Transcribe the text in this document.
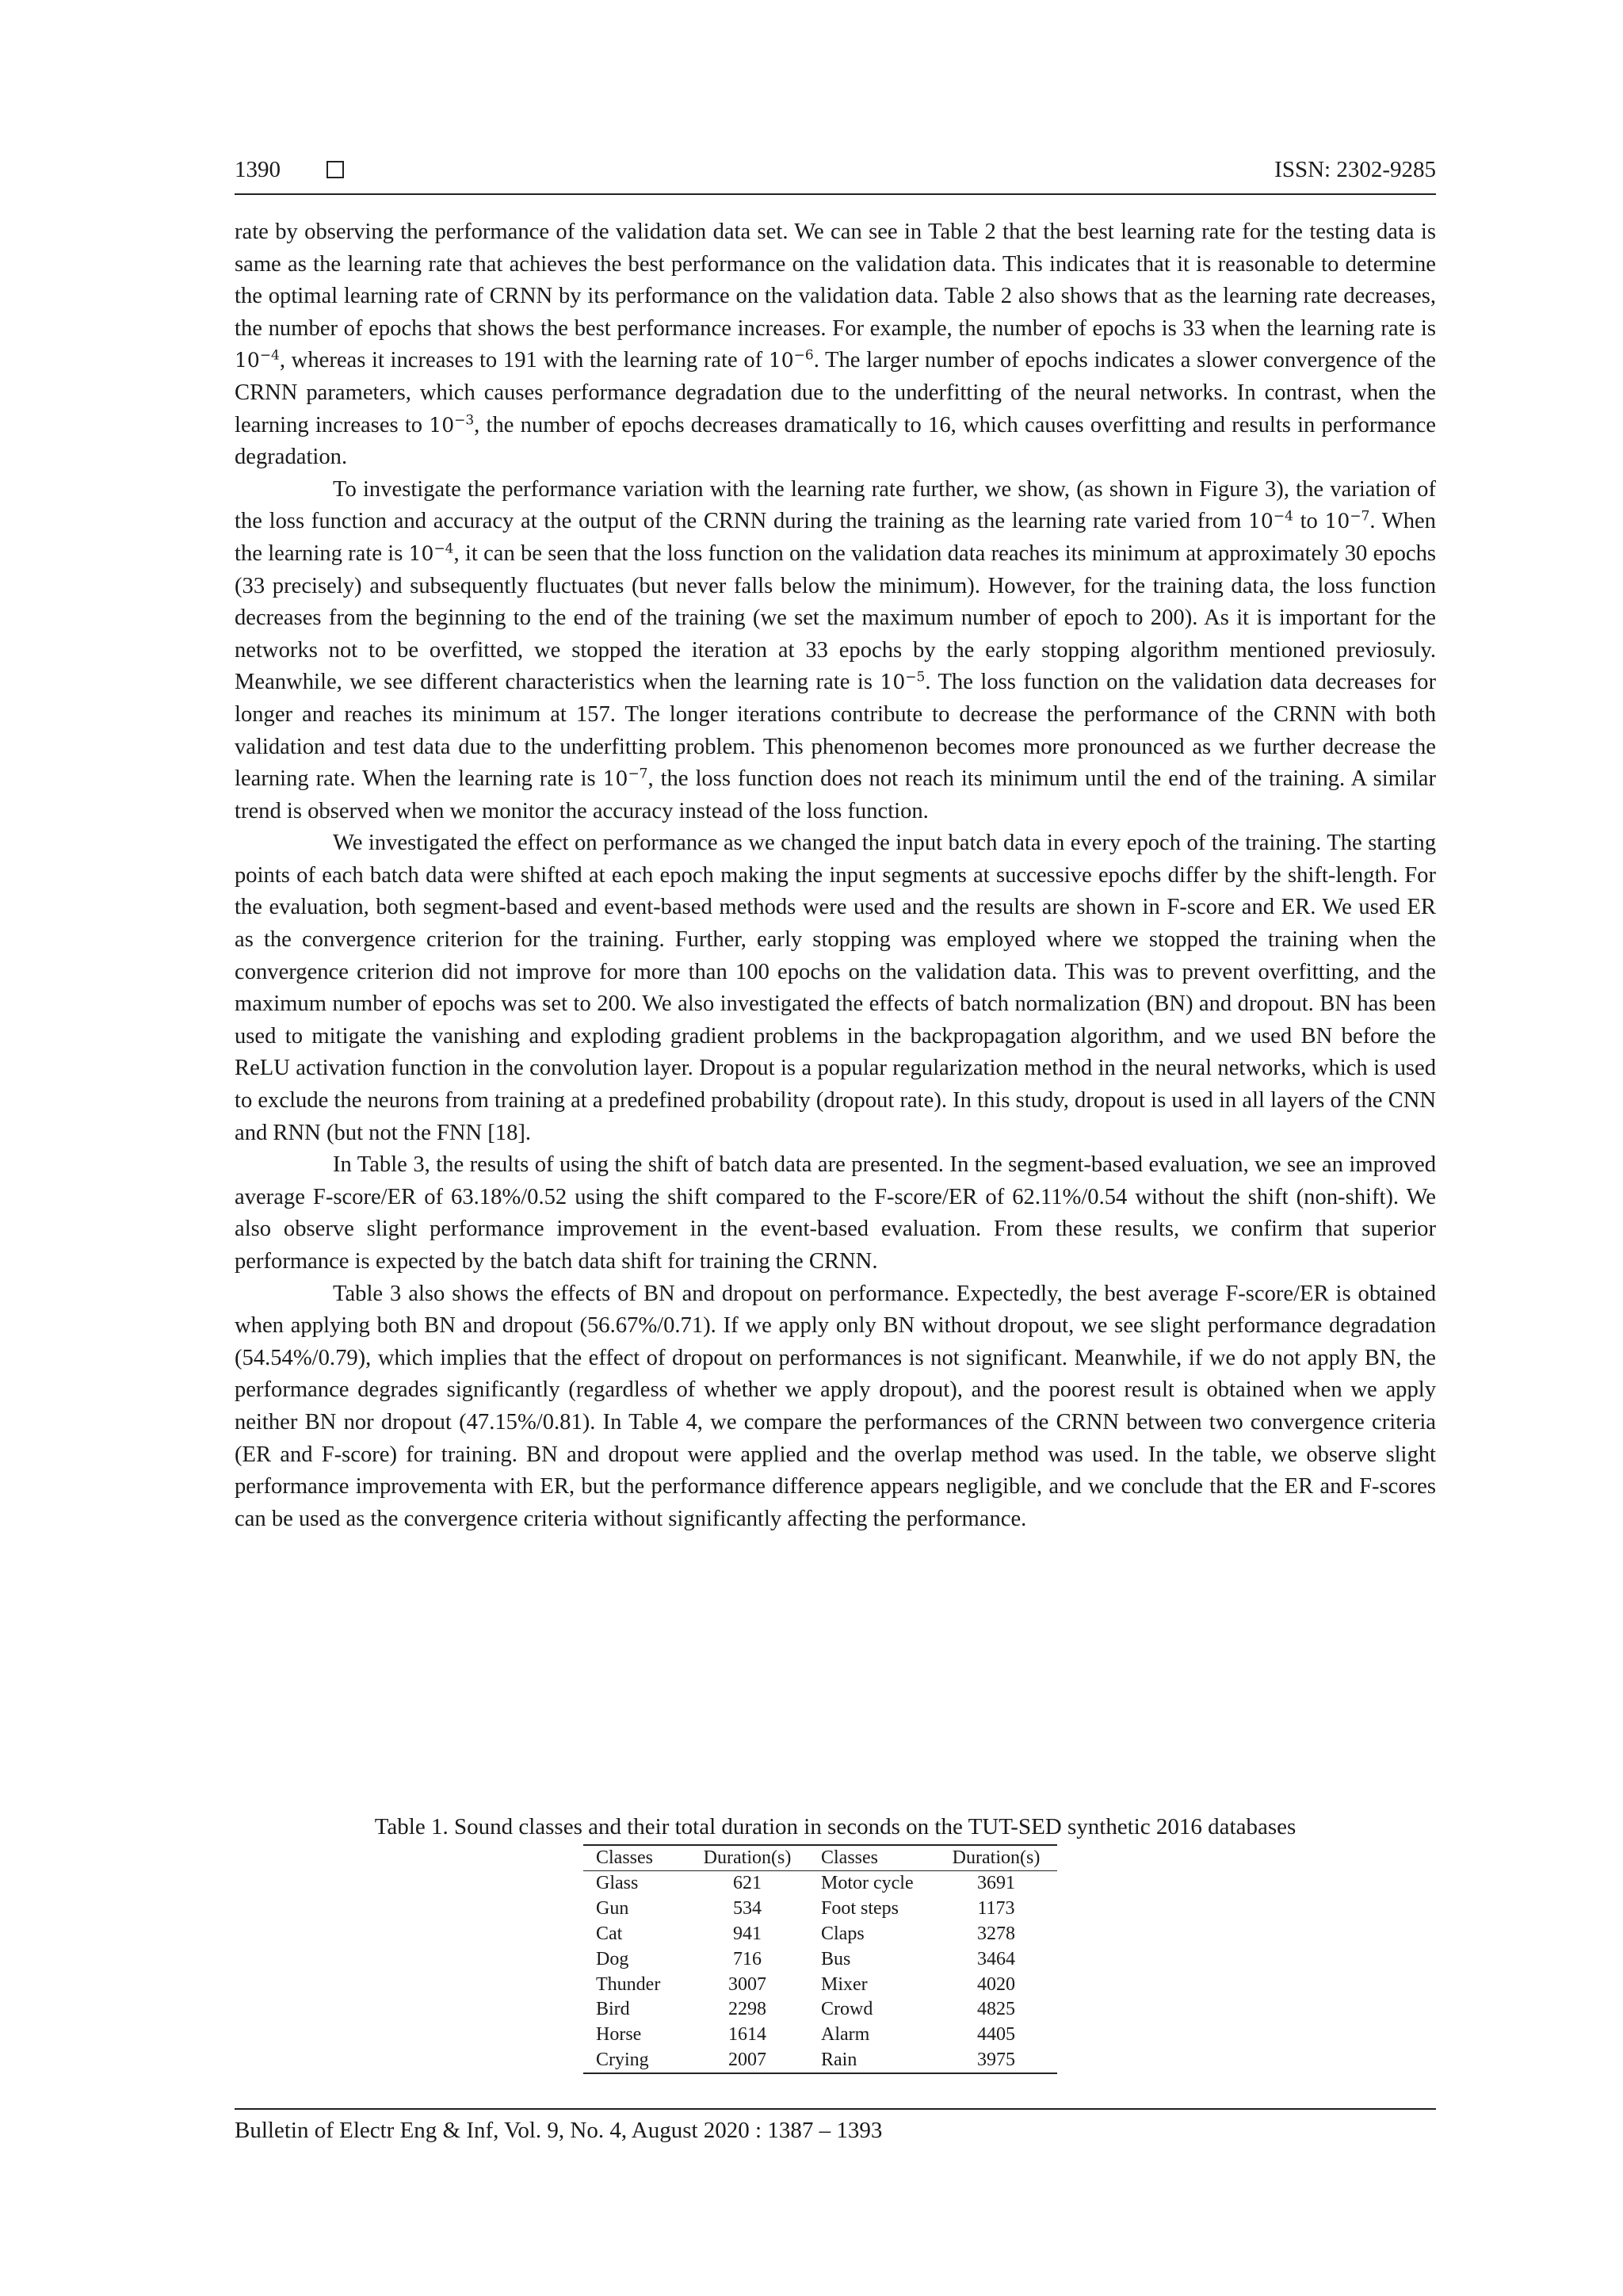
1390	ISSN: 2302-9285

rate by observing the performance of the validation data set. We can see in Table 2 that the best learning rate for the testing data is same as the learning rate that achieves the best performance on the validation data. This indicates that it is reasonable to determine the optimal learning rate of CRNN by its performance on the validation data. Table 2 also shows that as the learning rate decreases, the number of epochs that shows the best performance increases. For example, the number of epochs is 33 when the learning rate is $10^{-4}$, whereas it increases to 191 with the learning rate of $10^{-6}$. The larger number of epochs indicates a slower convergence of the CRNN parameters, which causes performance degradation due to the underfitting of the neural networks. In contrast, when the learning increases to $10^{-3}$, the number of epochs decreases dramatically to 16, which causes overfitting and results in performance degradation.

To investigate the performance variation with the learning rate further, we show, (as shown in Figure 3), the variation of the loss function and accuracy at the output of the CRNN during the training as the learning rate varied from $10^{-4}$ to $10^{-7}$. When the learning rate is $10^{-4}$, it can be seen that the loss function on the validation data reaches its minimum at approximately 30 epochs (33 precisely) and subsequently fluctuates (but never falls below the minimum). However, for the training data, the loss function decreases from the beginning to the end of the training (we set the maximum number of epoch to 200). As it is important for the networks not to be overfitted, we stopped the iteration at 33 epochs by the early stopping algorithm mentioned previosuly. Meanwhile, we see different characteristics when the learning rate is $10^{-5}$. The loss function on the validation data decreases for longer and reaches its minimum at 157. The longer iterations contribute to decrease the performance of the CRNN with both validation and test data due to the underfitting problem. This phenomenon becomes more pronounced as we further decrease the learning rate. When the learning rate is $10^{-7}$, the loss function does not reach its minimum until the end of the training. A similar trend is observed when we monitor the accuracy instead of the loss function.

We investigated the effect on performance as we changed the input batch data in every epoch of the training. The starting points of each batch data were shifted at each epoch making the input segments at successive epochs differ by the shift-length. For the evaluation, both segment-based and event-based methods were used and the results are shown in F-score and ER. We used ER as the convergence criterion for the training. Further, early stopping was employed where we stopped the training when the convergence criterion did not improve for more than 100 epochs on the validation data. This was to prevent overfitting, and the maximum number of epochs was set to 200. We also investigated the effects of batch normalization (BN) and dropout. BN has been used to mitigate the vanishing and exploding gradient problems in the backpropagation algorithm, and we used BN before the ReLU activation function in the convolution layer. Dropout is a popular regularization method in the neural networks, which is used to exclude the neurons from training at a predefined probability (dropout rate). In this study, dropout is used in all layers of the CNN and RNN (but not the FNN [18].

In Table 3, the results of using the shift of batch data are presented. In the segment-based evaluation, we see an improved average F-score/ER of 63.18%/0.52 using the shift compared to the F-score/ER of 62.11%/0.54 without the shift (non-shift). We also observe slight performance improvement in the event-based evaluation. From these results, we confirm that superior performance is expected by the batch data shift for training the CRNN.

Table 3 also shows the effects of BN and dropout on performance. Expectedly, the best average F-score/ER is obtained when applying both BN and dropout (56.67%/0.71). If we apply only BN without dropout, we see slight performance degradation (54.54%/0.79), which implies that the effect of dropout on performances is not significant. Meanwhile, if we do not apply BN, the performance degrades significantly (regardless of whether we apply dropout), and the poorest result is obtained when we apply neither BN nor dropout (47.15%/0.81). In Table 4, we compare the performances of the CRNN between two convergence criteria (ER and F-score) for training. BN and dropout were applied and the overlap method was used. In the table, we observe slight performance improvementa with ER, but the performance difference appears negligible, and we conclude that the ER and F-scores can be used as the convergence criteria without significantly affecting the performance.

Table 1. Sound classes and their total duration in seconds on the TUT-SED synthetic 2016 databases
Classes	Duration(s)	Classes	Duration(s)
Glass	621	Motor cycle	3691
Gun	534	Foot steps	1173
Cat	941	Claps	3278
Dog	716	Bus	3464
Thunder	3007	Mixer	4020
Bird	2298	Crowd	4825
Horse	1614	Alarm	4405
Crying	2007	Rain	3975
Bulletin of Electr Eng & Inf, Vol. 9, No. 4, August 2020 : 1387 – 1393
